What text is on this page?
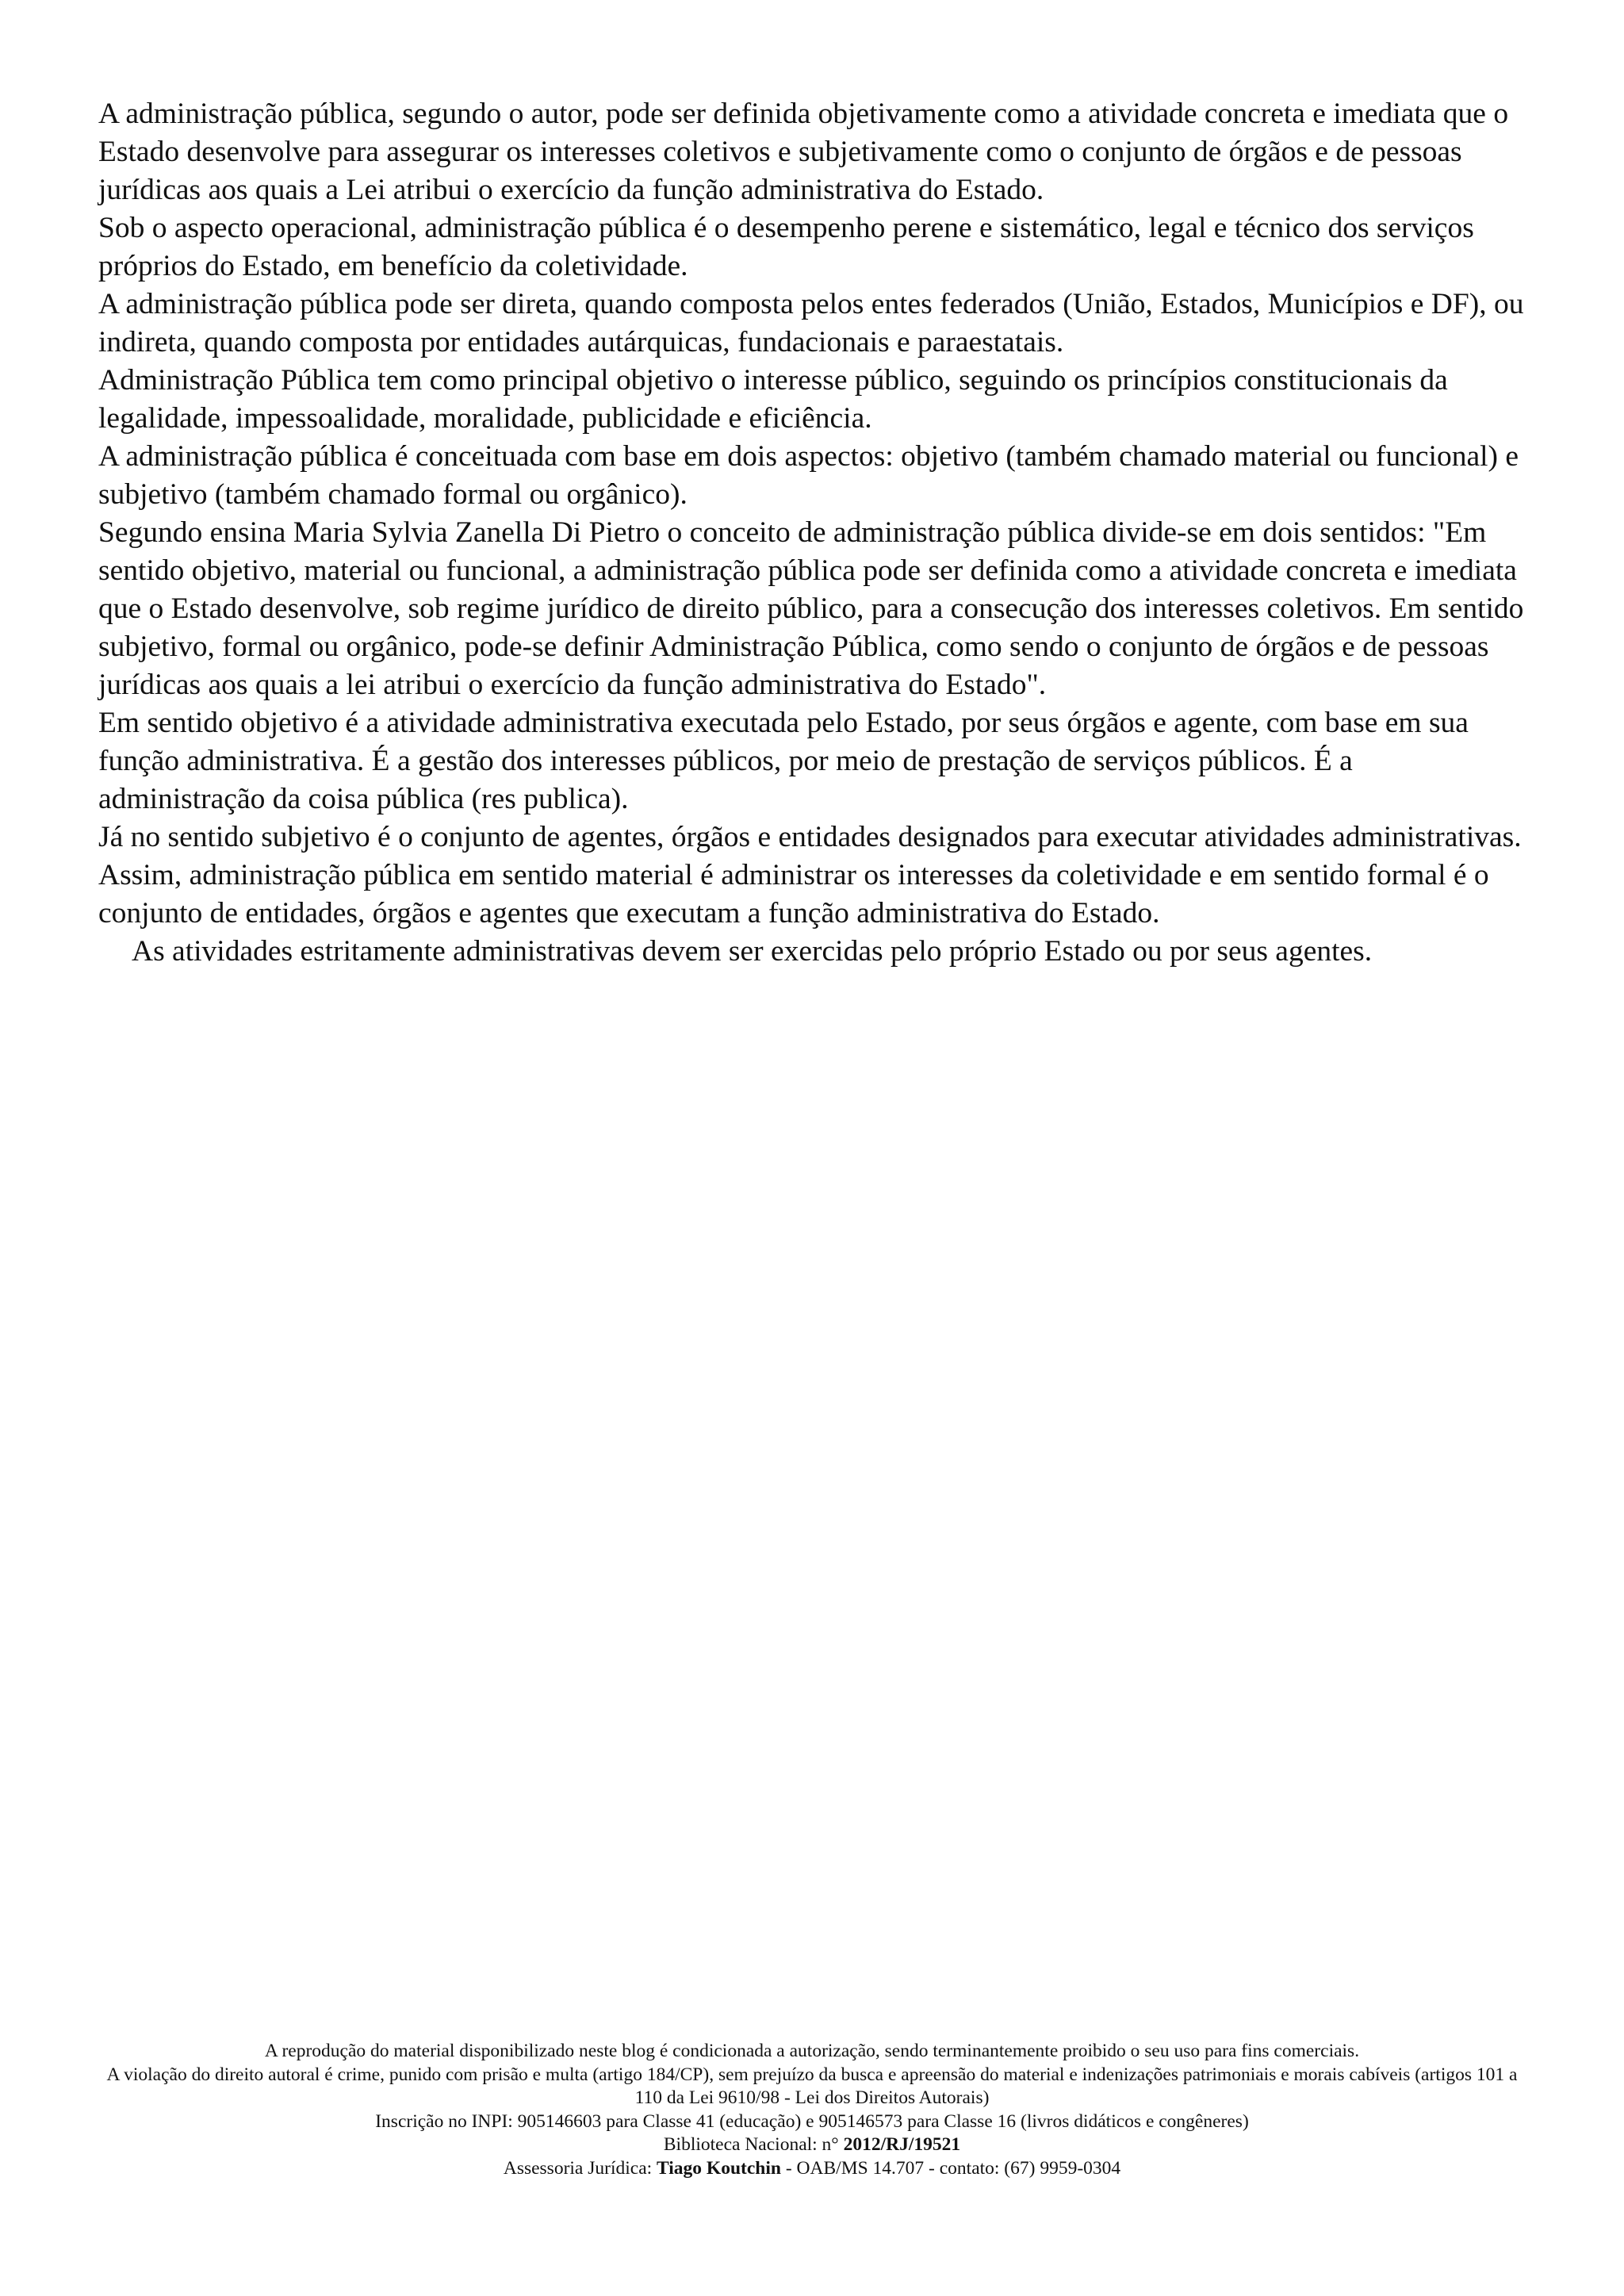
A administração pública, segundo o autor, pode ser definida objetivamente como a atividade concreta e imediata que o Estado desenvolve para assegurar os interesses coletivos e subjetivamente como o conjunto de órgãos e de pessoas jurídicas aos quais a Lei atribui o exercício da função administrativa do Estado.

Sob o aspecto operacional, administração pública é o desempenho perene e sistemático, legal e técnico dos serviços próprios do Estado, em benefício da coletividade.

A administração pública pode ser direta, quando composta pelos entes federados (União, Estados, Municípios e DF), ou indireta, quando composta por entidades autárquicas, fundacionais e paraestatais.

Administração Pública tem como principal objetivo o interesse público, seguindo os princípios constitucionais da legalidade, impessoalidade, moralidade, publicidade e eficiência.

A administração pública é conceituada com base em dois aspectos: objetivo (também chamado material ou funcional) e subjetivo (também chamado formal ou orgânico).

Segundo ensina Maria Sylvia Zanella Di Pietro o conceito de administração pública divide-se em dois sentidos: "Em sentido objetivo, material ou funcional, a administração pública pode ser definida como a atividade concreta e imediata que o Estado desenvolve, sob regime jurídico de direito público, para a consecução dos interesses coletivos. Em sentido subjetivo, formal ou orgânico, pode-se definir Administração Pública, como sendo o conjunto de órgãos e de pessoas jurídicas aos quais a lei atribui o exercício da função administrativa do Estado".

Em sentido objetivo é a atividade administrativa executada pelo Estado, por seus órgãos e agente, com base em sua função administrativa. É a gestão dos interesses públicos, por meio de prestação de serviços públicos. É a administração da coisa pública (res publica).

Já no sentido subjetivo é o conjunto de agentes, órgãos e entidades designados para executar atividades administrativas.

Assim, administração pública em sentido material é administrar os interesses da coletividade e em sentido formal é o conjunto de entidades, órgãos e agentes que executam a função administrativa do Estado.

As atividades estritamente administrativas devem ser exercidas pelo próprio Estado ou por seus agentes.

A reprodução do material disponibilizado neste blog é condicionada a autorização, sendo terminantemente proibido o seu uso para fins comerciais.
A violação do direito autoral é crime, punido com prisão e multa (artigo 184/CP), sem prejuízo da busca e apreensão do material e indenizações patrimoniais e morais cabíveis (artigos 101 a 110 da Lei 9610/98 - Lei dos Direitos Autorais)
Inscrição no INPI: 905146603 para Classe 41 (educação) e 905146573 para Classe 16 (livros didáticos e congêneres)
Biblioteca Nacional: n° 2012/RJ/19521
Assessoria Jurídica: Tiago Koutchin - OAB/MS 14.707 - contato: (67) 9959-0304
